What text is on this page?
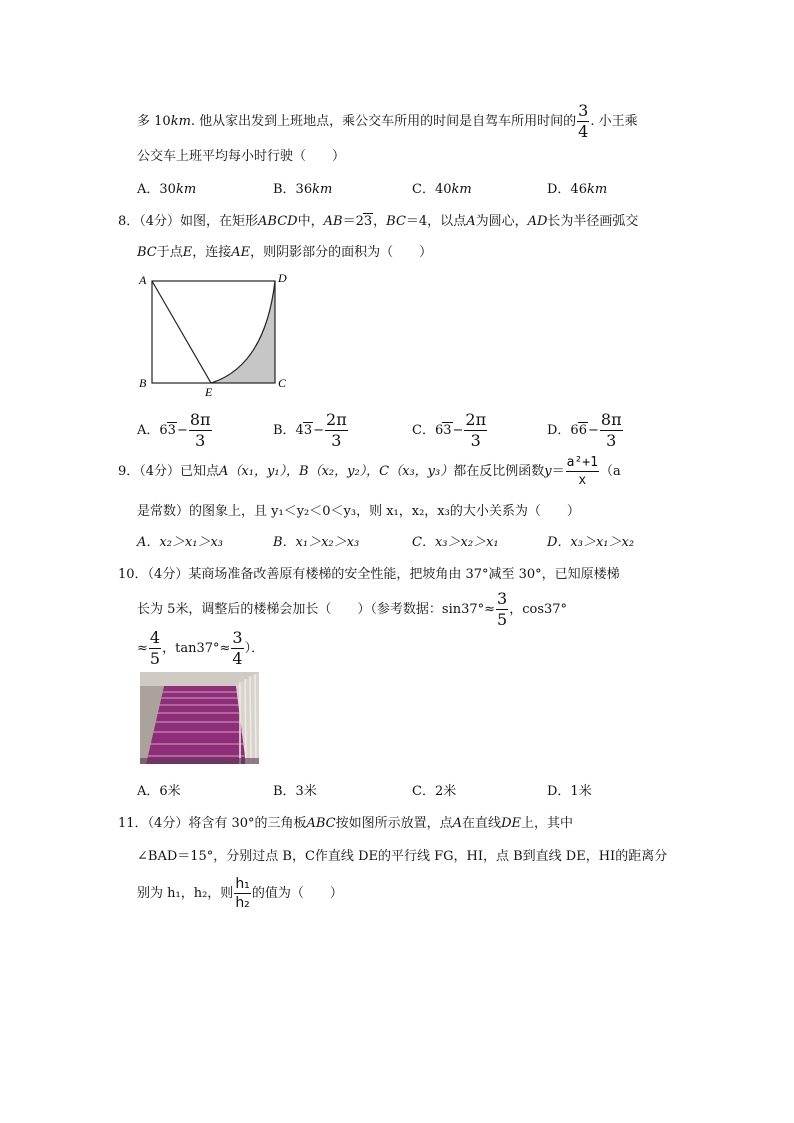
多 10km. 他从家出发到上班地点，乘公交车所用的时间是自驾车所用时间的 $\frac{3}{4}$ . 小王乘
公交车上班平均每小时行驶（　　）
A．30km	B．36km	C．40km	D．46km
8．（4分）如图，在矩形ABCD中，AB＝23，BC＝4，以点A为圆心，AD长为半径画弧交
BC于点E，连接AE，则阴影部分的面积为（　　）
A	D
B	C
E
A．$63- \frac{8\pi}{3}$	B．$43- \frac{2\pi}{3}$	C．$63- \frac{2\pi}{3}$	D．$66- \frac{8\pi}{3}$
9．（4分）已知点A（x₁，y₁），B（x₂，y₂），C（x₃，y₃）都在反比例函数$y= \frac{\text{a²+1}}{x} (a$
是常数）的图象上，且 y₁＜y₂＜0＜y₃，则 x₁，x₂，x₃的大小关系为（　　）
A．x₂＞x₁＞x₃	B．x₁＞x₂＞x₃	C．x₃＞x₂＞x₁	D．x₃＞x₁＞x₂
10．（4分）某商场准备改善原有楼梯的安全性能，把坡角由 37°减至 30°，已知原楼梯
长为 5米，调整后的楼梯会加长（　　）（参考数据：$\sin 37^\circ\approx \frac{3}{5}$ ，cos37°
≈ $\frac{4}{5}$ ，$\tan 37^\circ\approx \frac{3}{4}$ ）．
A．6米	B．3米	C．2米	D．1米
11．（4分）将含有 30°的三角板ABC按如图所示放置，点A在直线DE上，其中
∠BAD＝15°，分别过点 B，C作直线 DE的平行线 FG，HI，点 B到直线 DE，HI的距离分
别为 h₁，h₂，则 $\frac{\text{h₁}}{\text{h₂}}$ 的值为（　　）
